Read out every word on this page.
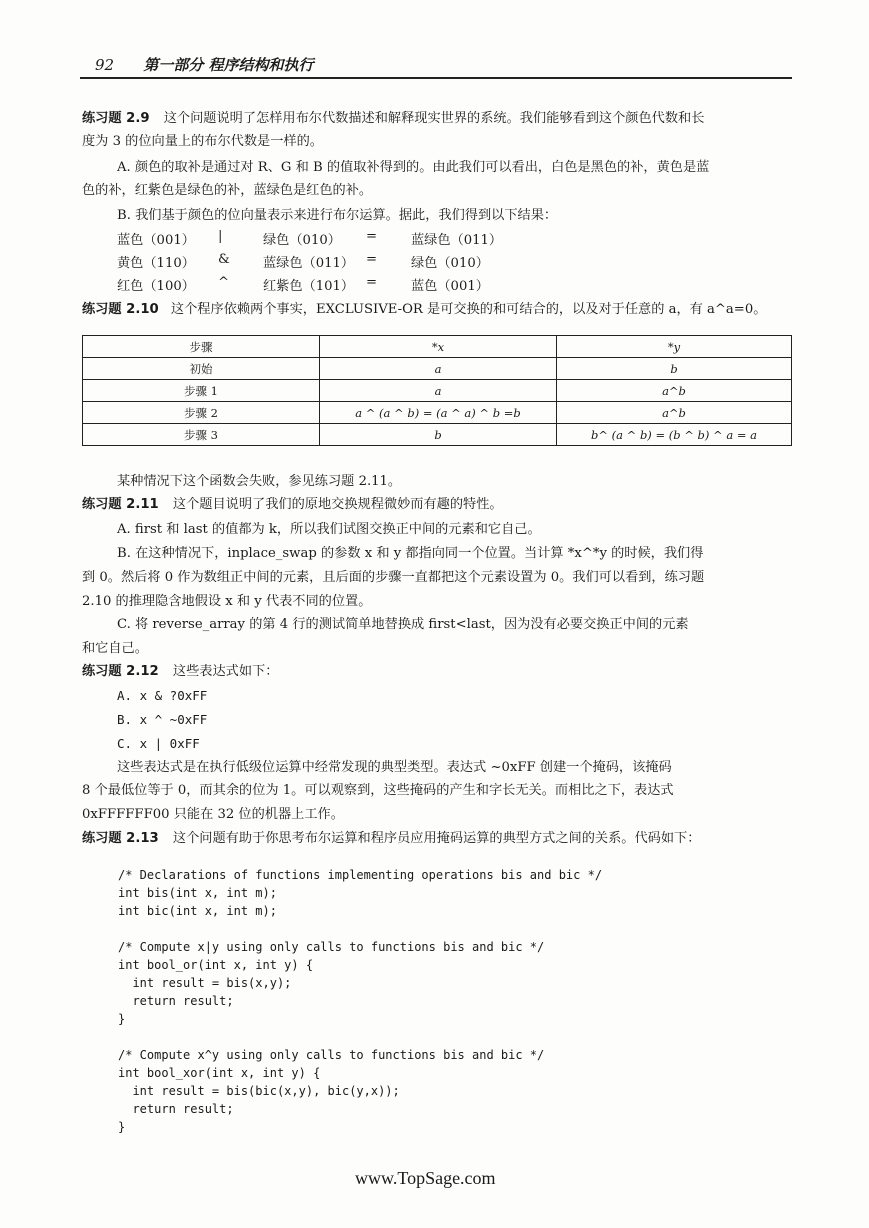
92 第一部分 程序结构和执行
练习题 2.9 这个问题说明了怎样用布尔代数描述和解释现实世界的系统。我们能够看到这个颜色代数和长
度为 3 的位向量上的布尔代数是一样的。
A. 颜色的取补是通过对 R、G 和 B 的值取补得到的。由此我们可以看出，白色是黑色的补，黄色是蓝
色的补，红紫色是绿色的补，蓝绿色是红色的补。
B. 我们基于颜色的位向量表示来进行布尔运算。据此，我们得到以下结果：
蓝色（001） |	绿色（010） =	蓝绿色（011）
黄色（110） &	蓝绿色（011） =	绿色（010）
红色（100） ^	红紫色（101） =	蓝色（001）
练习题 2.10 这个程序依赖两个事实，EXCLUSIVE-OR 是可交换的和可结合的，以及对于任意的 a，有 a^a=0。
步骤	*x	*y
初始	a	b
步骤 1	a	a^b
步骤 2	a ^ (a ^ b) = (a ^ a) ^ b =b	a^b
步骤 3	b	b^ (a ^ b) = (b ^ b) ^ a = a
某种情况下这个函数会失败，参见练习题 2.11。
练习题 2.11 这个题目说明了我们的原地交换规程微妙而有趣的特性。
A. first 和 last 的值都为 k，所以我们试图交换正中间的元素和它自己。
B. 在这种情况下，inplace_swap 的参数 x 和 y 都指向同一个位置。当计算 *x^*y 的时候，我们得
到 0。然后将 0 作为数组正中间的元素，且后面的步骤一直都把这个元素设置为 0。我们可以看到，练习题
2.10 的推理隐含地假设 x 和 y 代表不同的位置。
C. 将 reverse_array 的第 4 行的测试简单地替换成 first<last，因为没有必要交换正中间的元素
和它自己。
练习题 2.12 这些表达式如下：
A. x & ?0xFF
B. x ^ ~0xFF
C. x | 0xFF
这些表达式是在执行低级位运算中经常发现的典型类型。表达式 ~0xFF 创建一个掩码，该掩码
8 个最低位等于 0，而其余的位为 1。可以观察到，这些掩码的产生和字长无关。而相比之下，表达式
0xFFFFFF00 只能在 32 位的机器上工作。
练习题 2.13 这个问题有助于你思考布尔运算和程序员应用掩码运算的典型方式之间的关系。代码如下：
/* Declarations of functions implementing operations bis and bic */
int bis(int x, int m);
int bic(int x, int m);
/* Compute x|y using only calls to functions bis and bic */
int bool_or(int x, int y) {
int result = bis(x,y);
return result;
}
/* Compute x^y using only calls to functions bis and bic */
int bool_xor(int x, int y) {
int result = bis(bic(x,y), bic(y,x));
return result;
}
www.TopSage.com
